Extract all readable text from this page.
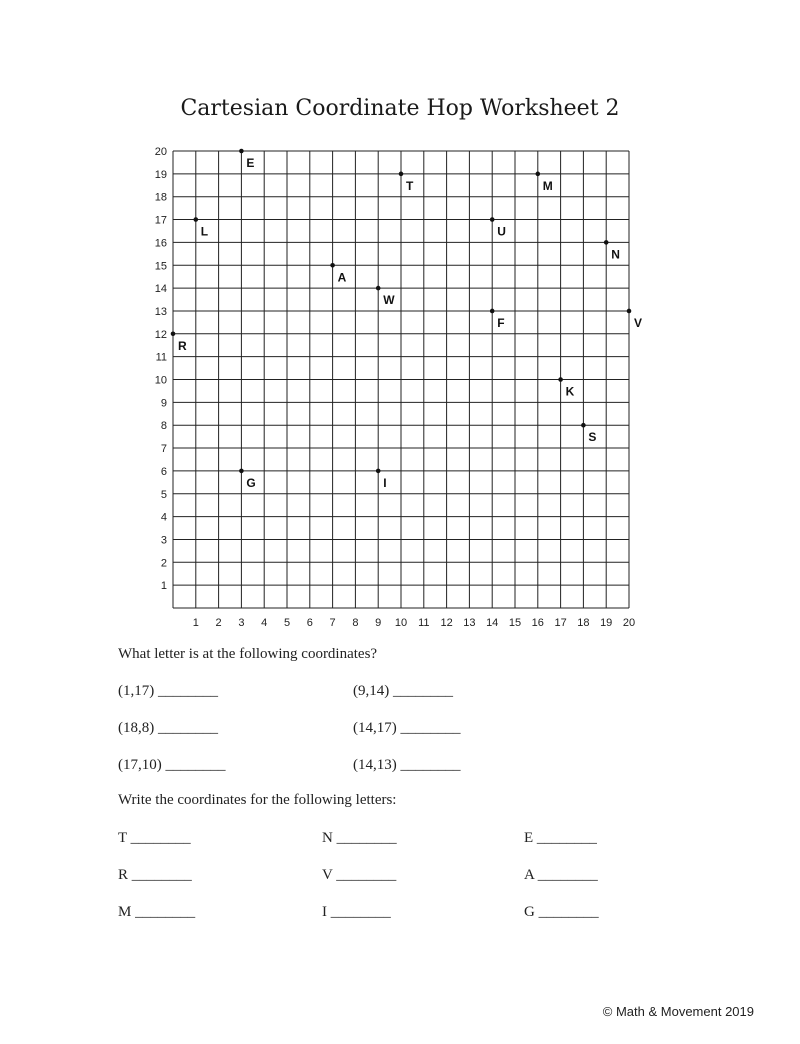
Cartesian Coordinate Hop Worksheet 2
1 2 3 4 5 6 7 8 9 10 11 12 13 14 15 16 17 18 19 20
1
2
3
4
5
6
7
8
9
10
11
12
13
14
15
16
17
18
19
20
E
T	M
L	U
N
A
W
F	V
R
K
S
G	I
What letter is at the following coordinates?
(1,17) ________	(9,14) ________
(18,8) ________	(14,17) ________
(17,10) ________	(14,13) ________
Write the coordinates for the following letters:
T ________	N ________	E ________
R ________	V ________	A ________
M ________	I ________	G ________
© Math & Movement 2019
